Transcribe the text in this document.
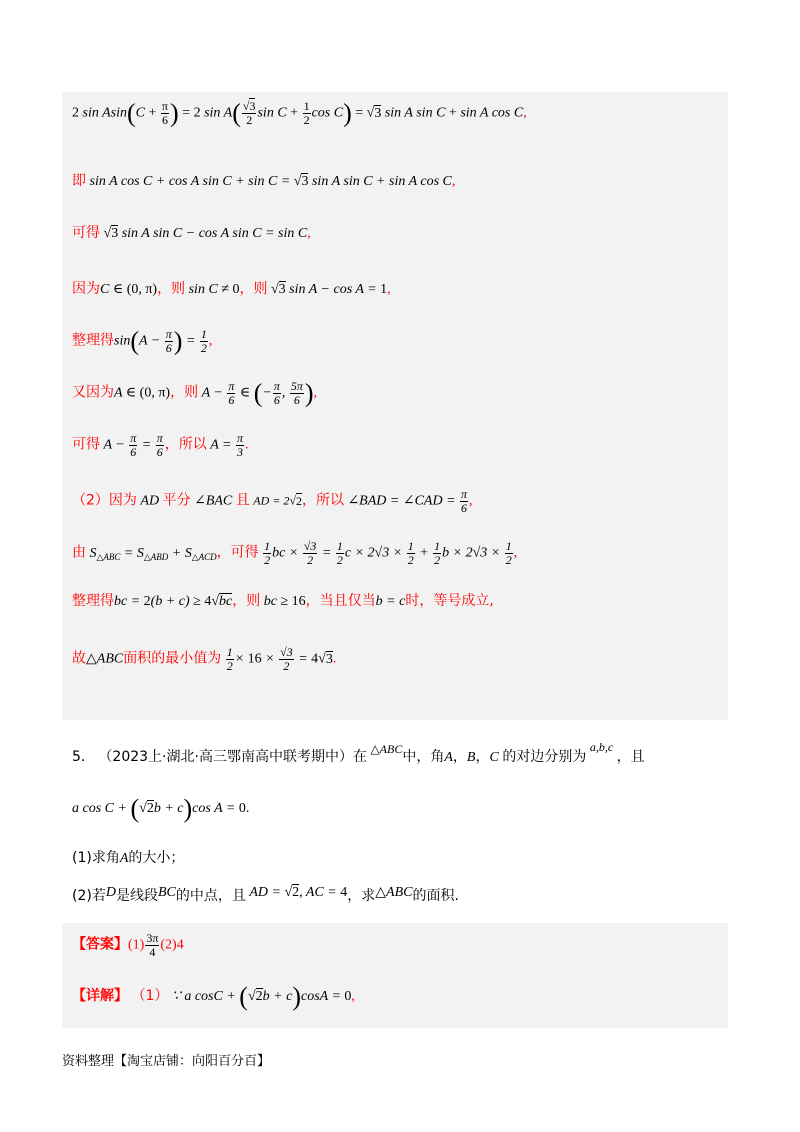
2 $\sin Asin(C + \frac{\pi}{6}$ ) = 2 $\sin A( \frac{√3}{2}$ $\sin C + \frac{1}{2}$ cos C) = √3 sin A sin C + sin A cos C,
即 sin A cos C + cos A sin C + sin C = √3 sin A sin C + sin A cos C,
可得 √3 sin A sin C − cos A sin C = sin C,
因为C ∈ (0, π)，则 sin C ≠ 0，则 √3 sin A − cos A = 1,
整理得$\sin(A - \frac{\pi}{6}$ ) = $\frac{1}{2}$ ,
又因为A ∈ (0, π)，则 $A - \frac{\pi}{6}$ ∈ (− $\frac{\pi}{6}$ , $\frac{5\pi}{6}$ ),
可得 $A - \frac{\pi}{6} = \frac{\pi}{6}$ ，所以 $A = \frac{\pi}{3}$ .
（2）因为 AD 平分 ∠BAC 且 AD = 2√2，所以 ∠BAD = ∠CAD = $\frac{\pi}{6}$ ,
由 $S_{\triangle ABC} = S_{\triangle ABD} + S_{\triangle ACD}$，可得 $\frac{1}{2}$ bc × $\frac{√3}{2} = \frac{1}{2}$ $c \times 2√3 \times \frac{1}{2} + \frac{1}{2}$ $b \times 2√3 \times \frac{1}{2}$ ,
整理得bc = 2(b + c) ≥ 4√bc，则 bc ≥ 16，当且仅当b = c时，等号成立,
故△ABC面积的最小值为 $\frac{1}{2} \times 16 \times \frac{√3}{2} = 4√3$.
5． （2023上·湖北·高三鄂南高中联考期中）在 △ABC中，角A，B，C 的对边分别为 a,b,c ，且
a cos C + (√2b + c)cos A = 0.
(1)求角A的大小；
(2)若D是线段BC的中点，且 AD = √2, AC = 4，求△ABC的面积.
【答案】$(1) \frac{3\pi}{4} (2)4$
【详解】 （1） ∵ a cosC + (√2b + c)cosA = 0,
资料整理【淘宝店铺：向阳百分百】
